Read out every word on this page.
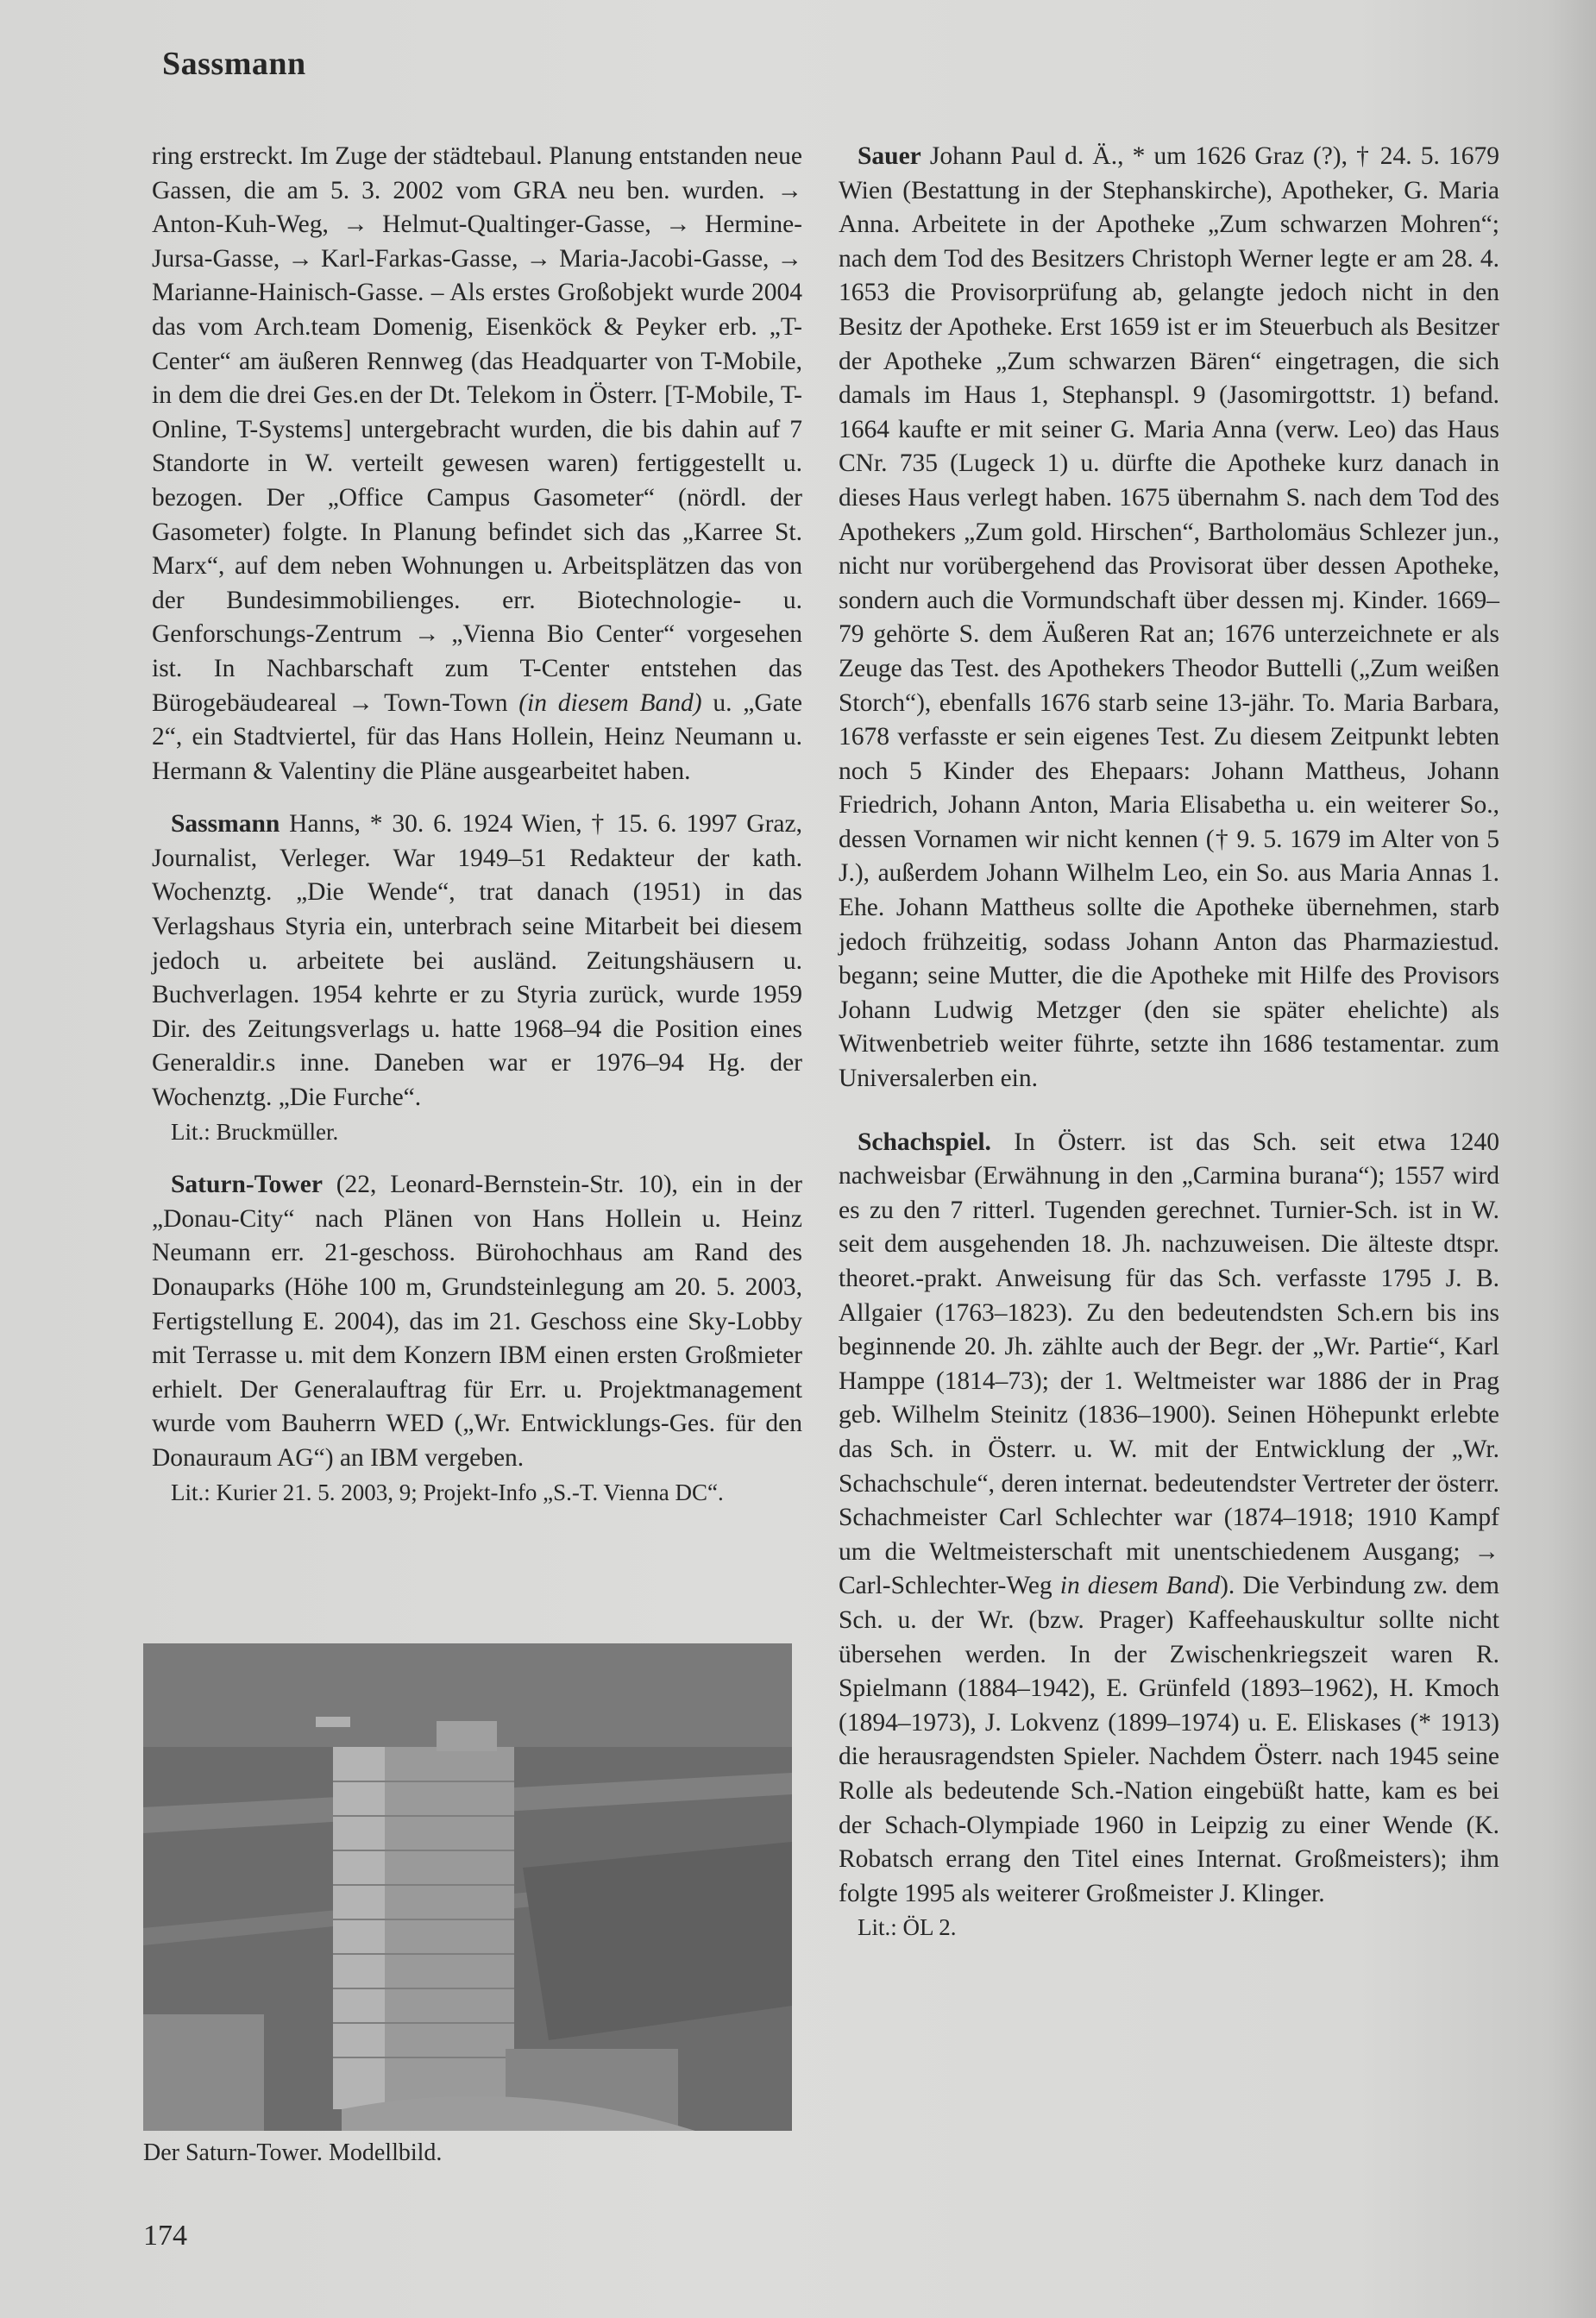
Sassmann

ring erstreckt. Im Zuge der städtebaul. Planung entstanden neue Gassen, die am 5. 3. 2002 vom GRA neu ben. wurden. → Anton-Kuh-Weg, → Helmut-Qualtinger-Gasse, → Hermine-Jursa-Gasse, → Karl-Farkas-Gasse, → Maria-Jacobi-Gasse, → Marianne-Hainisch-Gasse. – Als erstes Großobjekt wurde 2004 das vom Arch.team Domenig, Eisenköck & Peyker erb. „T-Center“ am äußeren Rennweg (das Headquarter von T-Mobile, in dem die drei Ges.en der Dt. Telekom in Österr. [T-Mobile, T-Online, T-Systems] untergebracht wurden, die bis dahin auf 7 Standorte in W. verteilt gewesen waren) fertiggestellt u. bezogen. Der „Office Campus Gasometer“ (nördl. der Gasometer) folgte. In Planung befindet sich das „Karree St. Marx“, auf dem neben Wohnungen u. Arbeitsplätzen das von der Bundesimmobilienges. err. Biotechnologie- u. Genforschungs-Zentrum → „Vienna Bio Center“ vorgesehen ist. In Nachbarschaft zum T-Center entstehen das Bürogebäudeareal → Town-Town (in diesem Band) u. „Gate 2“, ein Stadtviertel, für das Hans Hollein, Heinz Neumann u. Hermann & Valentiny die Pläne ausgearbeitet haben.

Sassmann Hanns, * 30. 6. 1924 Wien, † 15. 6. 1997 Graz, Journalist, Verleger. War 1949–51 Redakteur der kath. Wochenztg. „Die Wende“, trat danach (1951) in das Verlagshaus Styria ein, unterbrach seine Mitarbeit bei diesem jedoch u. arbeitete bei ausländ. Zeitungshäusern u. Buchverlagen. 1954 kehrte er zu Styria zurück, wurde 1959 Dir. des Zeitungsverlags u. hatte 1968–94 die Position eines Generaldir.s inne. Daneben war er 1976–94 Hg. der Wochenztg. „Die Furche“.

Lit.: Bruckmüller.

Saturn-Tower (22, Leonard-Bernstein-Str. 10), ein in der „Donau-City“ nach Plänen von Hans Hollein u. Heinz Neumann err. 21-geschoss. Bürohochhaus am Rand des Donauparks (Höhe 100 m, Grundsteinlegung am 20. 5. 2003, Fertigstellung E. 2004), das im 21. Geschoss eine Sky-Lobby mit Terrasse u. mit dem Konzern IBM einen ersten Großmieter erhielt. Der Generalauftrag für Err. u. Projektmanagement wurde vom Bauherrn WED („Wr. Entwicklungs-Ges. für den Donauraum AG“) an IBM vergeben.

Lit.: Kurier 21. 5. 2003, 9; Projekt-Info „S.-T. Vienna DC“.

Der Saturn-Tower. Modellbild.

Sauer Johann Paul d. Ä., * um 1626 Graz (?), † 24. 5. 1679 Wien (Bestattung in der Stephanskirche), Apotheker, G. Maria Anna. Arbeitete in der Apotheke „Zum schwarzen Mohren“; nach dem Tod des Besitzers Christoph Werner legte er am 28. 4. 1653 die Provisorprüfung ab, gelangte jedoch nicht in den Besitz der Apotheke. Erst 1659 ist er im Steuerbuch als Besitzer der Apotheke „Zum schwarzen Bären“ eingetragen, die sich damals im Haus 1, Stephanspl. 9 (Jasomirgottstr. 1) befand. 1664 kaufte er mit seiner G. Maria Anna (verw. Leo) das Haus CNr. 735 (Lugeck 1) u. dürfte die Apotheke kurz danach in dieses Haus verlegt haben. 1675 übernahm S. nach dem Tod des Apothekers „Zum gold. Hirschen“, Bartholomäus Schlezer jun., nicht nur vorübergehend das Provisorat über dessen Apotheke, sondern auch die Vormundschaft über dessen mj. Kinder. 1669–79 gehörte S. dem Äußeren Rat an; 1676 unterzeichnete er als Zeuge das Test. des Apothekers Theodor Buttelli („Zum weißen Storch“), ebenfalls 1676 starb seine 13-jähr. To. Maria Barbara, 1678 verfasste er sein eigenes Test. Zu diesem Zeitpunkt lebten noch 5 Kinder des Ehepaars: Johann Mattheus, Johann Friedrich, Johann Anton, Maria Elisabetha u. ein weiterer So., dessen Vornamen wir nicht kennen († 9. 5. 1679 im Alter von 5 J.), außerdem Johann Wilhelm Leo, ein So. aus Maria Annas 1. Ehe. Johann Mattheus sollte die Apotheke übernehmen, starb jedoch frühzeitig, sodass Johann Anton das Pharmaziestud. begann; seine Mutter, die die Apotheke mit Hilfe des Provisors Johann Ludwig Metzger (den sie später ehelichte) als Witwenbetrieb weiter führte, setzte ihn 1686 testamentar. zum Universalerben ein.

Schachspiel. In Österr. ist das Sch. seit etwa 1240 nachweisbar (Erwähnung in den „Carmina burana“); 1557 wird es zu den 7 ritterl. Tugenden gerechnet. Turnier-Sch. ist in W. seit dem ausgehenden 18. Jh. nachzuweisen. Die älteste dtspr. theoret.-prakt. Anweisung für das Sch. verfasste 1795 J. B. Allgaier (1763–1823). Zu den bedeutendsten Sch.ern bis ins beginnende 20. Jh. zählte auch der Begr. der „Wr. Partie“, Karl Hamppe (1814–73); der 1. Weltmeister war 1886 der in Prag geb. Wilhelm Steinitz (1836–1900). Seinen Höhepunkt erlebte das Sch. in Österr. u. W. mit der Entwicklung der „Wr. Schachschule“, deren internat. bedeutendster Vertreter der österr. Schachmeister Carl Schlechter war (1874–1918; 1910 Kampf um die Weltmeisterschaft mit unentschiedenem Ausgang; → Carl-Schlechter-Weg in diesem Band). Die Verbindung zw. dem Sch. u. der Wr. (bzw. Prager) Kaffeehauskultur sollte nicht übersehen werden. In der Zwischenkriegszeit waren R. Spielmann (1884–1942), E. Grünfeld (1893–1962), H. Kmoch (1894–1973), J. Lokvenz (1899–1974) u. E. Eliskases (* 1913) die herausragendsten Spieler. Nachdem Österr. nach 1945 seine Rolle als bedeutende Sch.-Nation eingebüßt hatte, kam es bei der Schach-Olympiade 1960 in Leipzig zu einer Wende (K. Robatsch errang den Titel eines Internat. Großmeisters); ihm folgte 1995 als weiterer Großmeister J. Klinger.

Lit.: ÖL 2.

174
